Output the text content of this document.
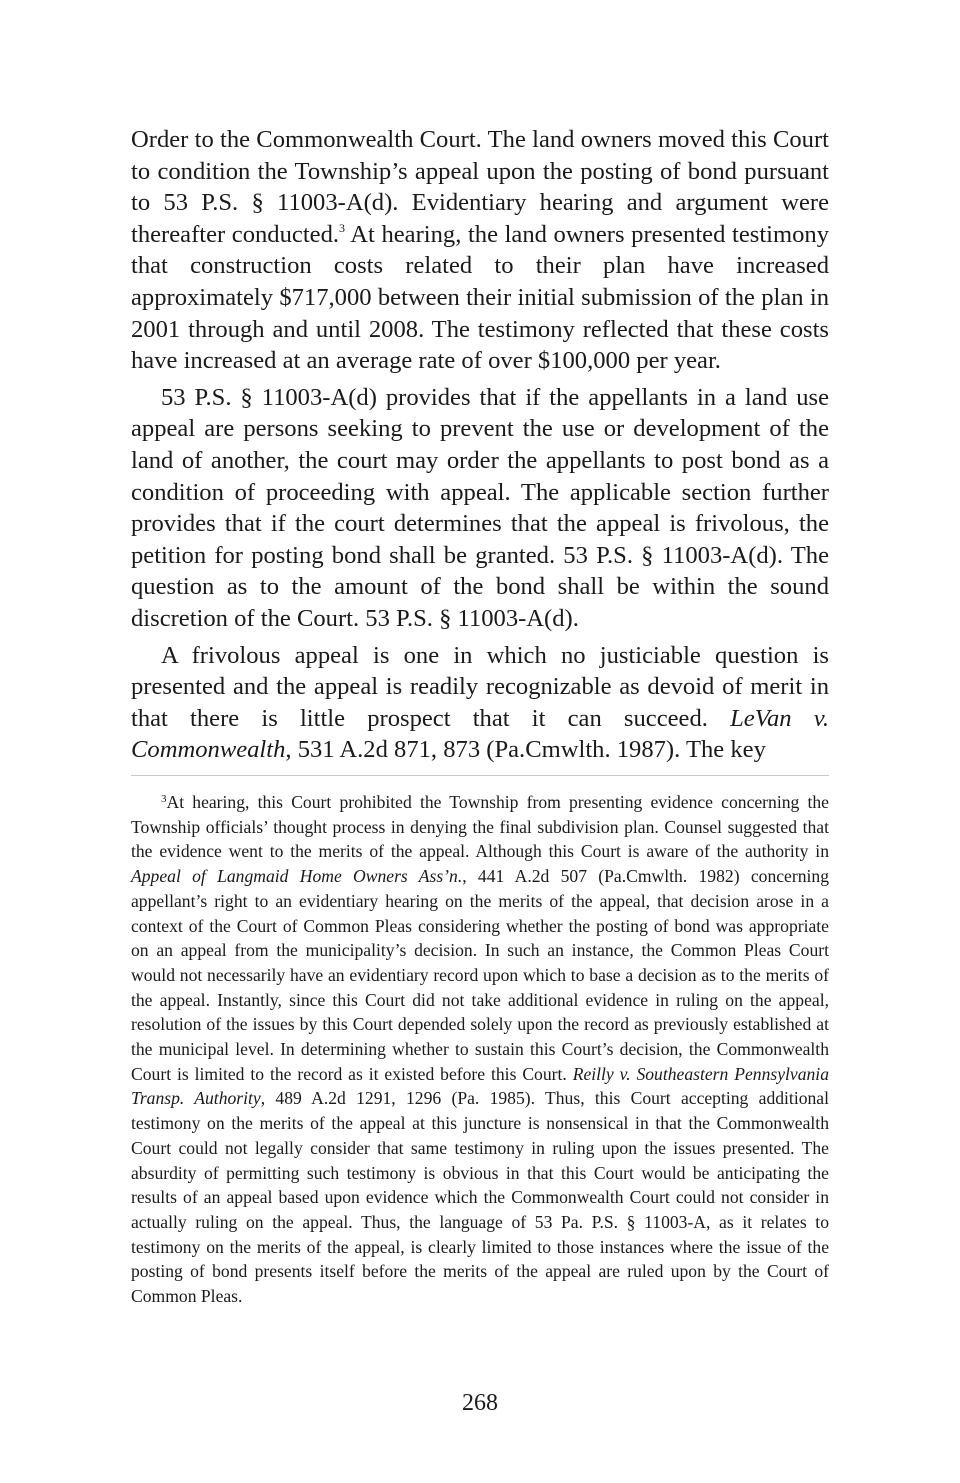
Order to the Commonwealth Court. The land owners moved this Court to condition the Township’s appeal upon the posting of bond pursuant to 53 P.S. § 11003-A(d). Evidentiary hearing and argument were thereafter conducted.$^3$ At hearing, the land owners presented testimony that construction costs related to their plan have increased approximately $717,000 between their initial submission of the plan in 2001 through and until 2008. The testimony reflected that these costs have increased at an average rate of over $100,000 per year.

53 P.S. § 11003-A(d) provides that if the appellants in a land use appeal are persons seeking to prevent the use or development of the land of another, the court may order the appellants to post bond as a condition of proceeding with appeal. The applicable section further provides that if the court determines that the appeal is frivolous, the petition for posting bond shall be granted. 53 P.S. § 11003-A(d). The question as to the amount of the bond shall be within the sound discretion of the Court. 53 P.S. § 11003-A(d).

A frivolous appeal is one in which no justiciable question is presented and the appeal is readily recognizable as devoid of merit in that there is little prospect that it can succeed. LeVan v. Commonwealth, 531 A.2d 871, 873 (Pa.Cmwlth. 1987). The key

$^3$At hearing, this Court prohibited the Township from presenting evidence concerning the Township officials’ thought process in denying the final subdivision plan. Counsel suggested that the evidence went to the merits of the appeal. Although this Court is aware of the authority in Appeal of Langmaid Home Owners Ass’n., 441 A.2d 507 (Pa.Cmwlth. 1982) concerning appellant’s right to an evidentiary hearing on the merits of the appeal, that decision arose in a context of the Court of Common Pleas considering whether the posting of bond was appropriate on an appeal from the municipality’s decision. In such an instance, the Common Pleas Court would not necessarily have an evidentiary record upon which to base a decision as to the merits of the appeal. Instantly, since this Court did not take additional evidence in ruling on the appeal, resolution of the issues by this Court depended solely upon the record as previously established at the municipal level. In determining whether to sustain this Court’s decision, the Commonwealth Court is limited to the record as it existed before this Court. Reilly v. Southeastern Pennsylvania Transp. Authority, 489 A.2d 1291, 1296 (Pa. 1985). Thus, this Court accepting additional testimony on the merits of the appeal at this juncture is nonsensical in that the Commonwealth Court could not legally consider that same testimony in ruling upon the issues presented. The absurdity of permitting such testimony is obvious in that this Court would be anticipating the results of an appeal based upon evidence which the Commonwealth Court could not consider in actually ruling on the appeal. Thus, the language of 53 Pa. P.S. § 11003-A, as it relates to testimony on the merits of the appeal, is clearly limited to those instances where the issue of the posting of bond presents itself before the merits of the appeal are ruled upon by the Court of Common Pleas.
268
